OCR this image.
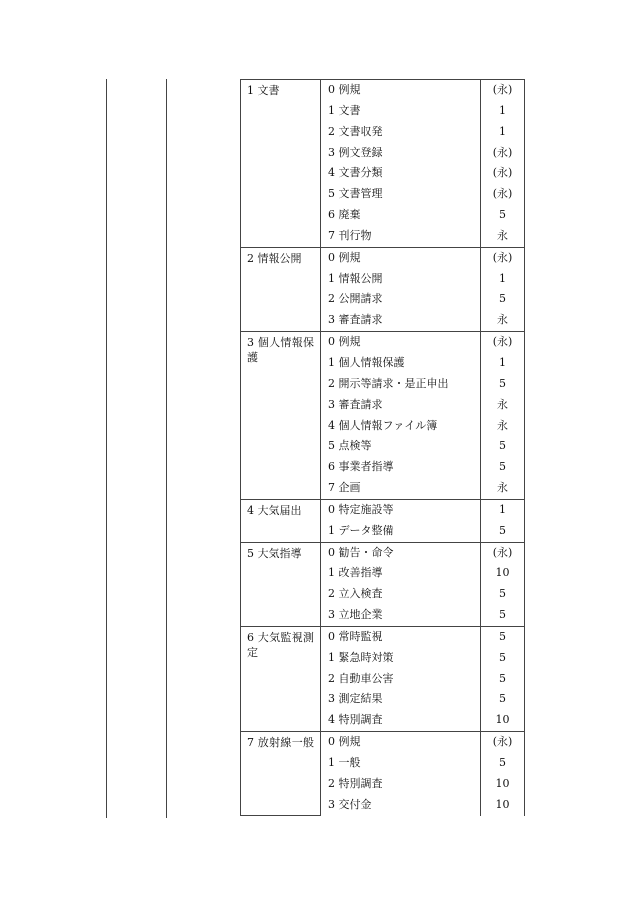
1 文書	0 例規	(永)
	1 文書	1
	2 文書収発	1
	3 例文登録	(永)
	4 文書分類	(永)
	5 文書管理	(永)
	6 廃棄	5
	7 刊行物	永

2 情報公開	0 例規	(永)
	1 情報公開	1
	2 公開請求	5
	3 審査請求	永

3 個人情報保護	0 例規	(永)
	1 個人情報保護	1
	2 開示等請求・是正申出	5
	3 審査請求	永
	4 個人情報ファイル簿	永
	5 点検等	5
	6 事業者指導	5
	7 企画	永

4 大気届出	0 特定施設等	1
	1 データ整備	5

5 大気指導	0 勧告・命令	(永)
	1 改善指導	10
	2 立入検査	5
	3 立地企業	5

6 大気監視測定	0 常時監視	5
	1 緊急時対策	5
	2 自動車公害	5
	3 測定結果	5
	4 特別調査	10

7 放射線一般	0 例規	(永)
	1 一般	5
	2 特別調査	10
	3 交付金	10
